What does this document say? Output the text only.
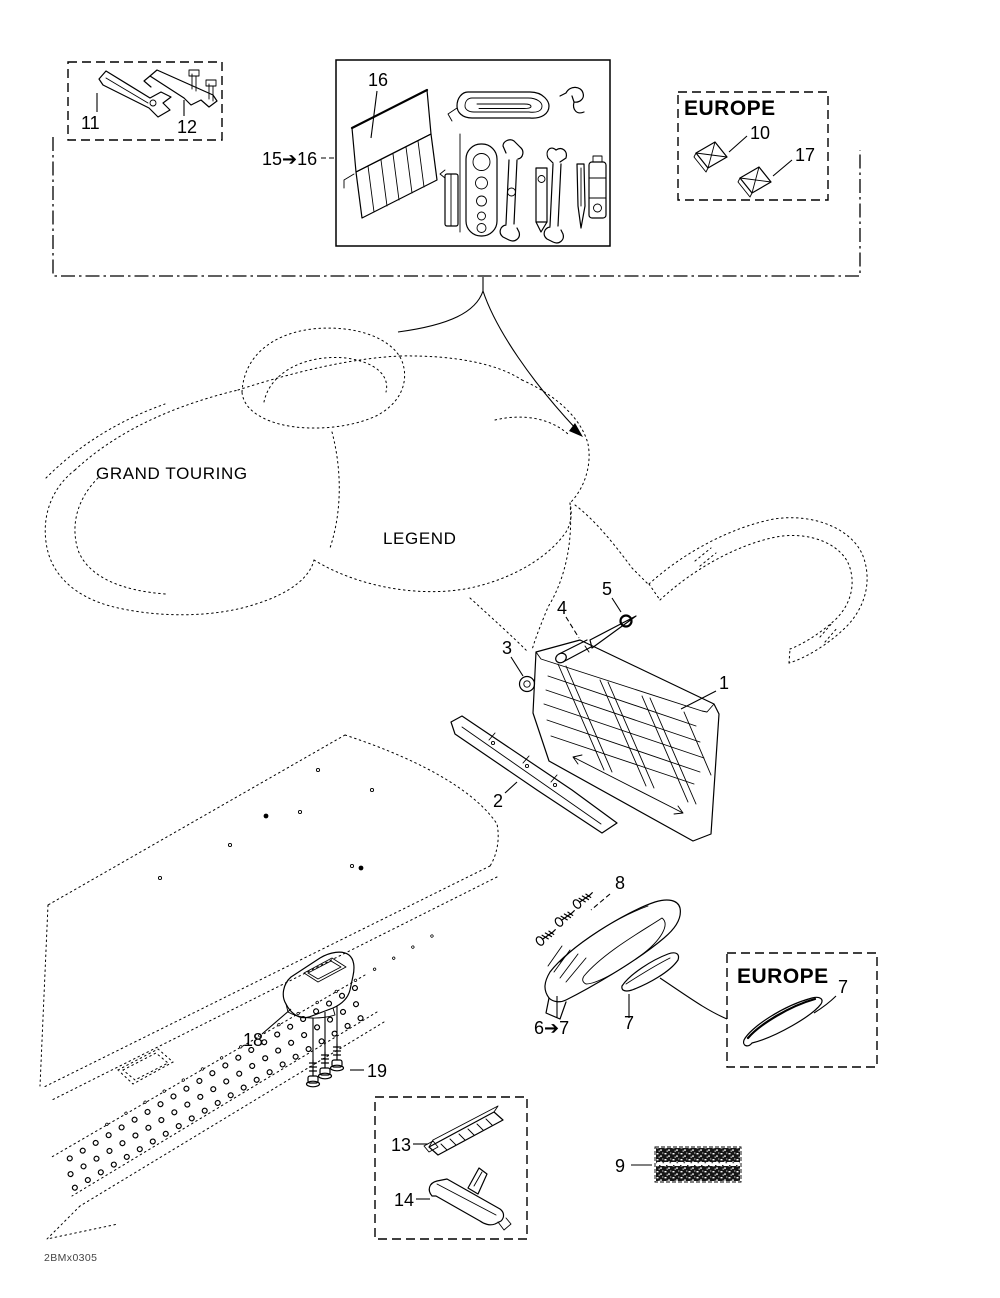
11	12
16
15➔16
EUROPE
10
17
GRAND TOURING
LEGEND
1
2
3
4
5
8
6➔7	7
EUROPE 7
18
19
13
14
9
2BMx0305
